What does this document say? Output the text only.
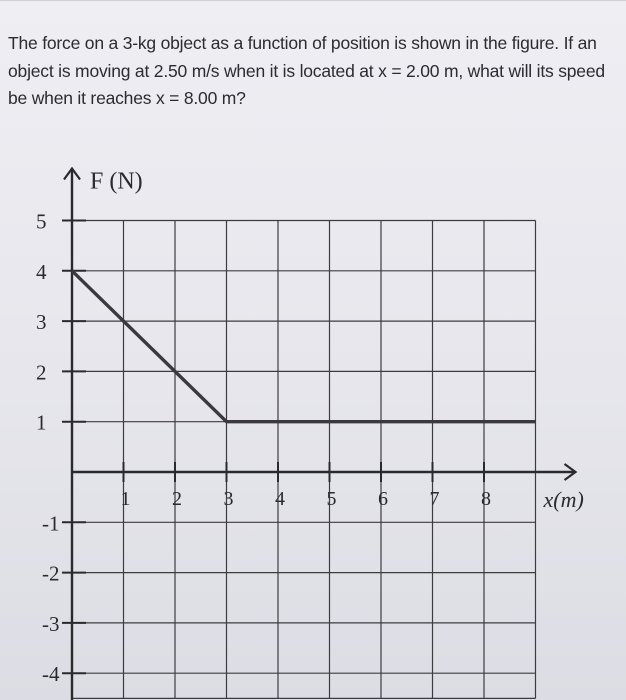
The force on a 3-kg object as a function of position is shown in the figure. If an object is moving at 2.50 m/s when it is located at x = 2.00 m, what will its speed be when it reaches x = 8.00 m?
5
4
3
2
1
-1
-2
-3
-4
1 2 3 4 5 6 7 8
F (N)
x(m)
